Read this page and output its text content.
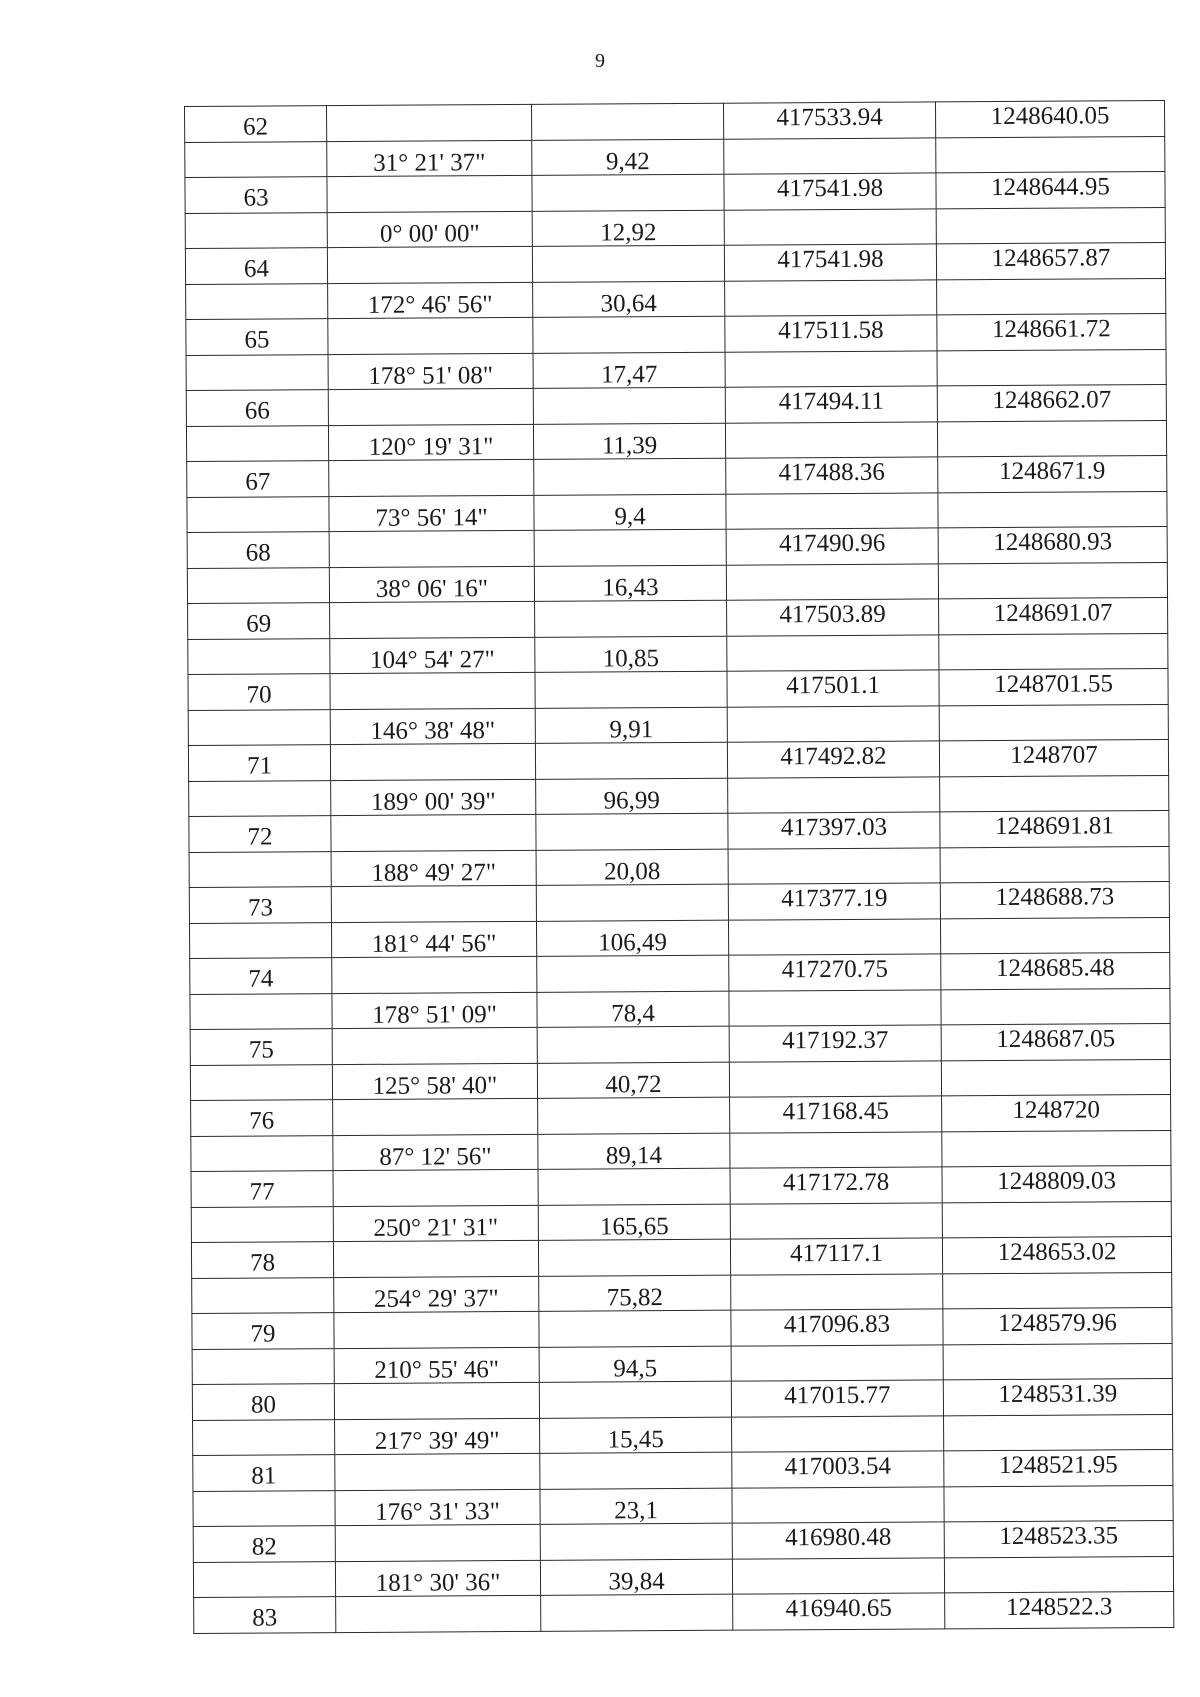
9
62			417533.94	1248640.05
	31° 21' 37"	9,42		
63			417541.98	1248644.95
	0° 00' 00"	12,92		
64			417541.98	1248657.87
	172° 46' 56"	30,64		
65			417511.58	1248661.72
	178° 51' 08"	17,47		
66			417494.11	1248662.07
	120° 19' 31"	11,39		
67			417488.36	1248671.9
	73° 56' 14"	9,4		
68			417490.96	1248680.93
	38° 06' 16"	16,43		
69			417503.89	1248691.07
	104° 54' 27"	10,85		
70			417501.1	1248701.55
	146° 38' 48"	9,91		
71			417492.82	1248707
	189° 00' 39"	96,99		
72			417397.03	1248691.81
	188° 49' 27"	20,08		
73			417377.19	1248688.73
	181° 44' 56"	106,49		
74			417270.75	1248685.48
	178° 51' 09"	78,4		
75			417192.37	1248687.05
	125° 58' 40"	40,72		
76			417168.45	1248720
	87° 12' 56"	89,14		
77			417172.78	1248809.03
	250° 21' 31"	165,65		
78			417117.1	1248653.02
	254° 29' 37"	75,82		
79			417096.83	1248579.96
	210° 55' 46"	94,5		
80			417015.77	1248531.39
	217° 39' 49"	15,45		
81			417003.54	1248521.95
	176° 31' 33"	23,1		
82			416980.48	1248523.35
	181° 30' 36"	39,84		
83			416940.65	1248522.3
